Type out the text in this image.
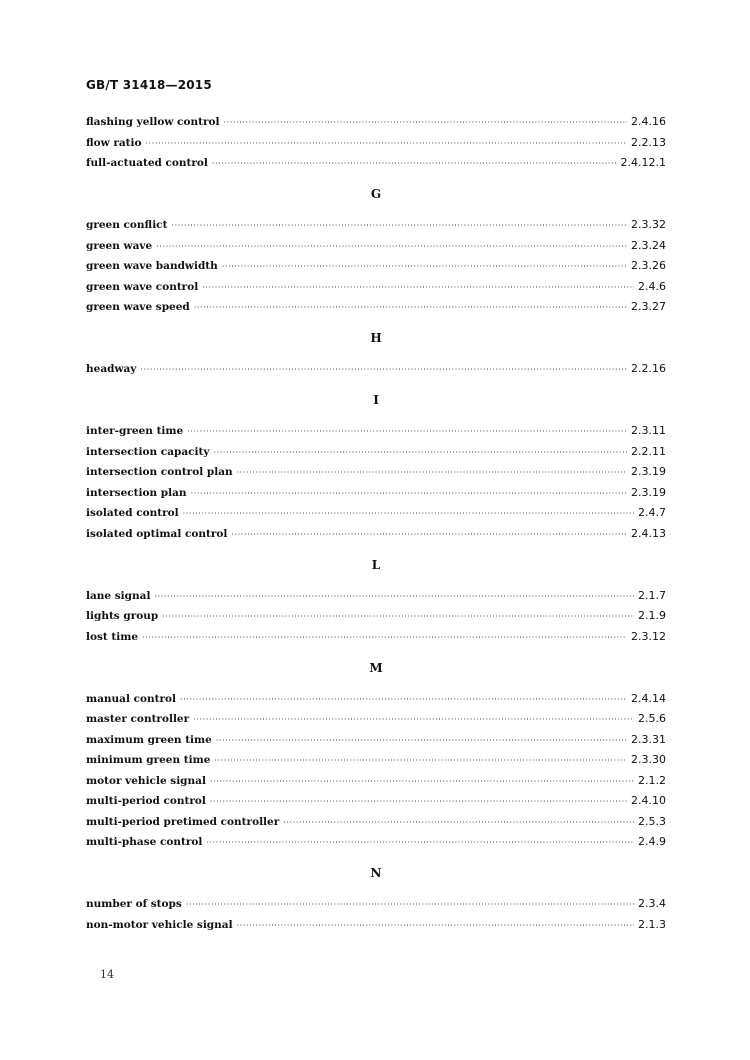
GB/T 31418—2015
flashing yellow control ·····	2.4.16
flow ratio ·····	2.2.13
full-actuated control ·····	2.4.12.1
G
green conflict ·····	2.3.32
green wave ·····	2.3.24
green wave bandwidth ·····	2.3.26
green wave control ·····	2.4.6
green wave speed ·····	2.3.27
H
headway ·····	2.2.16
I
inter-green time ·····	2.3.11
intersection capacity ·····	2.2.11
intersection control plan ·····	2.3.19
intersection plan ·····	2.3.19
isolated control ·····	2.4.7
isolated optimal control ·····	2.4.13
L
lane signal ·····	2.1.7
lights group ·····	2.1.9
lost time ·····	2.3.12
M
manual control ·····	2.4.14
master controller ·····	2.5.6
maximum green time ·····	2.3.31
minimum green time ·····	2.3.30
motor vehicle signal ·····	2.1.2
multi-period control ·····	2.4.10
multi-period pretimed controller ·····	2.5.3
multi-phase control ·····	2.4.9
N
number of stops ·····	2.3.4
non-motor vehicle signal ·····	2.1.3
14
